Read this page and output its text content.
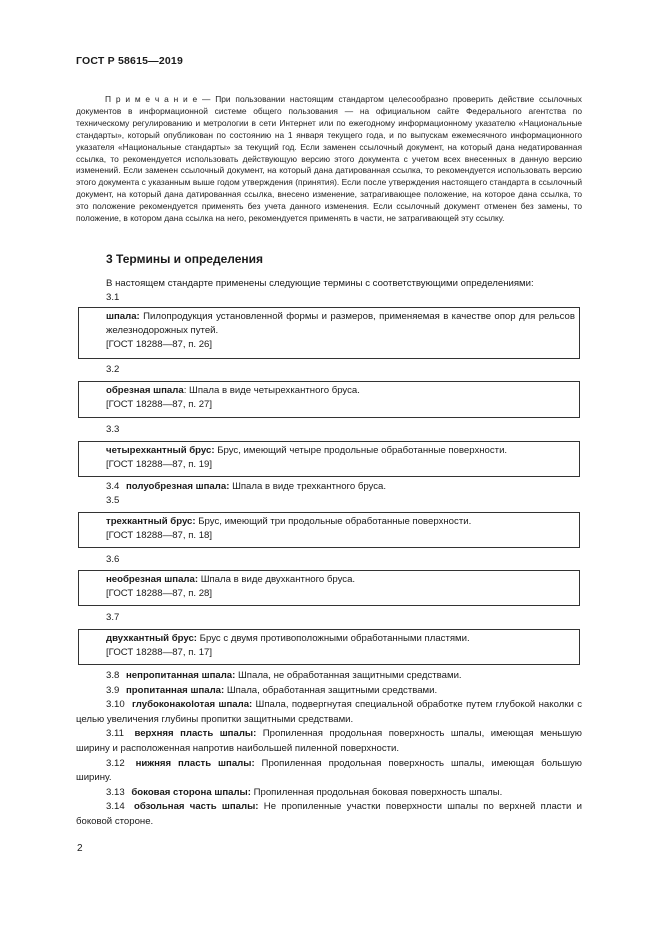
ГОСТ Р 58615—2019

П р и м е ч а н и е — При пользовании настоящим стандартом целесообразно проверить действие ссылочных документов в информационной системе общего пользования — на официальном сайте Федерального агентства по техническому регулированию и метрологии в сети Интернет или по ежегодному информационному указателю «Национальные стандарты», который опубликован по состоянию на 1 января текущего года, и по выпускам ежемесячного информационного указателя «Национальные стандарты» за текущий год. Если заменен ссылочный документ, на который дана недатированная ссылка, то рекомендуется использовать действующую версию этого документа с учетом всех внесенных в данную версию изменений. Если заменен ссылочный документ, на который дана датированная ссылка, то рекомендуется использовать версию этого документа с указанным выше годом утверждения (принятия). Если после утверждения настоящего стандарта в ссылочный документ, на который дана датированная ссылка, внесено изменение, затрагивающее положение, на которое дана ссылка, то это положение рекомендуется применять без учета данного изменения. Если ссылочный документ отменен без замены, то положение, в котором дана ссылка на него, рекомендуется применять в части, не затрагивающей эту ссылку.

3 Термины и определения

В настоящем стандарте применены следующие термины с соответствующими определениями:

3.1
шпала: Пилопродукция установленной формы и размеров, применяемая в качестве опор для рельсов железнодорожных путей.
[ГОСТ 18288—87, п. 26]
3.2
обрезная шпала: Шпала в виде четырехкантного бруса.
[ГОСТ 18288—87, п. 27]
3.3
четырехкантный брус: Брус, имеющий четыре продольные обработанные поверхности.
[ГОСТ 18288—87, п. 19]
3.4 полуобрезная шпала: Шпала в виде трехкантного бруса.
3.5
трехкантный брус: Брус, имеющий три продольные обработанные поверхности.
[ГОСТ 18288—87, п. 18]
3.6
необрезная шпала: Шпала в виде двухкантного бруса.
[ГОСТ 18288—87, п. 28]
3.7
двухкантный брус: Брус с двумя противоположными обработанными пластями.
[ГОСТ 18288—87, п. 17]

3.8 непропитанная шпала: Шпала, не обработанная защитными средствами.

3.9 пропитанная шпала: Шпала, обработанная защитными средствами.

3.10 глубоконакolотая шпала: Шпала, подвергнутая специальной обработке путем глубокой наколки с целью увеличения глубины пропитки защитными средствами.

3.11 верхняя пласть шпалы: Пропиленная продольная поверхность шпалы, имеющая меньшую ширину и расположенная напротив наибольшей пиленной поверхности.

3.12 нижняя пласть шпалы: Пропиленная продольная поверхность шпалы, имеющая большую ширину.

3.13 боковая сторона шпалы: Пропиленная продольная боковая поверхность шпалы.

3.14 обзольная часть шпалы: Не пропиленные участки поверхности шпалы по верхней пласти и боковой стороне.

2
